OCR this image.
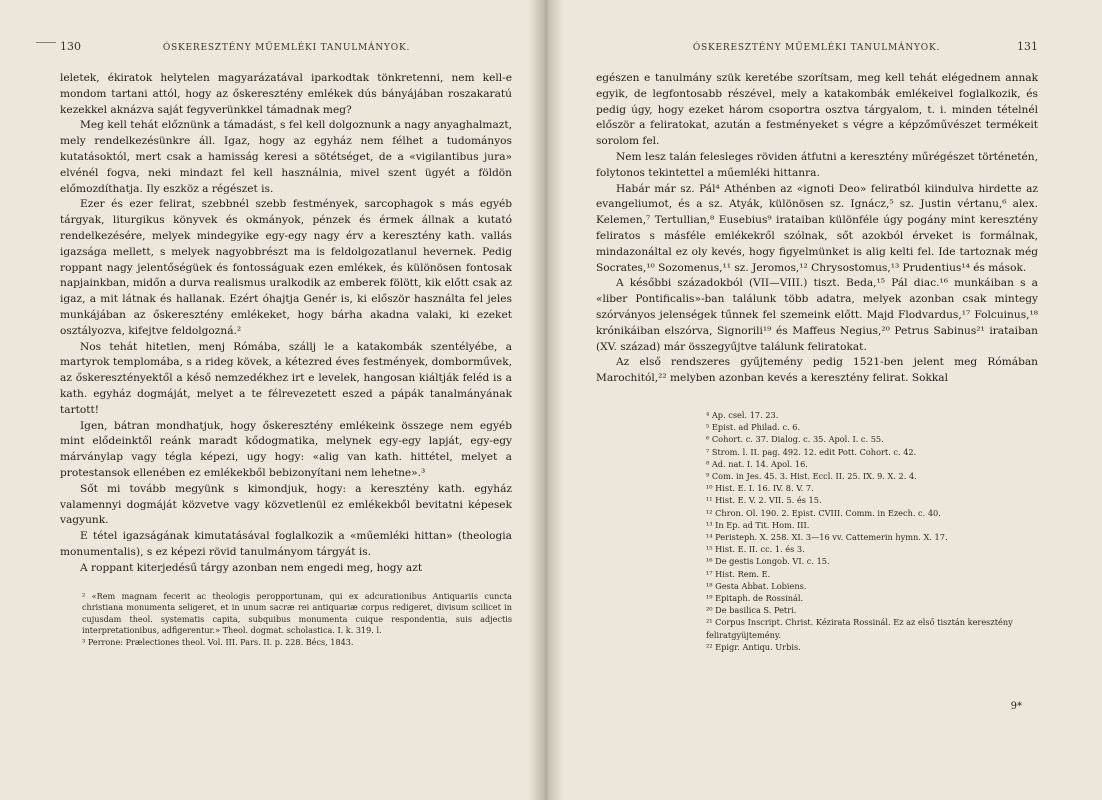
130	ÓSKERESZTÉNY MŰEMLÉKI TANULMÁNYOK.

leletek, ékiratok helytelen magyarázatával iparkodtak tönkretenni, nem kell-e mondom tartani attól, hogy az őskeresztény emlékek dús bányájában roszakaratú kezekkel aknázva saját fegyverünkkel támadnak meg?

Meg kell tehát előznünk a támadást, s fel kell dolgoznunk a nagy anyaghalmazt, mely rendelkezésünkre áll. Igaz, hogy az egyház nem félhet a tudományos kutatásoktól, mert csak a hamisság keresi a sötétséget, de a «vigilantibus jura» elvénél fogva, neki mindazt fel kell használnia, mivel szent ügyét a földön előmozdíthatja. Ily eszköz a régészet is.

Ezer és ezer felirat, szebbnél szebb festmények, sarcophagok s más egyéb tárgyak, liturgikus könyvek és okmányok, pénzek és érmek állnak a kutató rendelkezésére, melyek mindegyike egy-egy nagy érv a keresztény kath. vallás igazsága mellett, s melyek nagyobbrészt ma is feldolgozatlanul hevernek. Pedig roppant nagy jelentőségüek és fontosságuak ezen emlékek, és különösen fontosak napjainkban, midőn a durva realismus uralkodik az emberek fölött, kik előtt csak az igaz, a mit látnak és hallanak. Ezért óhajtja Genér is, ki először használta fel jeles munkájában az őskeresztény emlékeket, hogy bárha akadna valaki, ki ezeket osztályozva, kifejtve feldolgozná.²

Nos tehát hitetlen, menj Rómába, szállj le a katakombák szentélyébe, a martyrok templomába, s a rideg kövek, a kétezred éves festmények, domborművek, az őskeresztényektől a késő nemzedékhez irt e levelek, hangosan kiáltják feléd is a kath. egyház dogmáját, melyet a te félrevezetett eszed a pápák tanalmányának tartott!

Igen, bátran mondhatjuk, hogy őskeresztény emlékeink összege nem egyéb mint elődeinktől reánk maradt kődogmatika, melynek egy-egy lapját, egy-egy márványlap vagy tégla képezi, ugy hogy: «alig van kath. hittétel, melyet a protestansok ellenében ez emlékekből bebizonyítani nem lehetne».³

Sőt mi tovább megyünk s kimondjuk, hogy: a keresztény kath. egyház valamennyi dogmáját közvetve vagy közvetlenül ez emlékekből bevitatni képesek vagyunk.

E tétel igazságának kimutatásával foglalkozik a «műemléki hittan» (theologia monumentalis), s ez képezi rövid tanulmányom tárgyát is.

A roppant kiterjedésű tárgy azonban nem engedi meg, hogy azt

² «Rem magnam fecerit ac theologis peropportunam, qui ex adcurationibus Antiquariis cuncta christiana monumenta seligeret, et in unum sacræ rei antiquariæ corpus redigeret, divisum scilicet in cujusdam theol. systematis capita, subquibus monumenta cuique respondentia, suis adjectis interpretationibus, adfigerentur.» Theol. dogmat. scholastica. I. k. 319. l.

³ Perrone: Prælectiones theol. Vol. III. Pars. II. p. 228. Bécs, 1843.

ÓSKERESZTÉNY MŰEMLÉKI TANULMÁNYOK.	131

egészen e tanulmány szük keretébe szorítsam, meg kell tehát elégednem annak egyik, de legfontosabb részével, mely a katakombák emlékeivel foglalkozik, és pedig úgy, hogy ezeket három csoportra osztva tárgyalom, t. i. minden tételnél először a feliratokat, azután a festményeket s végre a képzőművészet termékeit sorolom fel.

Nem lesz talán felesleges röviden átfutni a keresztény műrégészet történetén, folytonos tekintettel a műemléki hittanra.

Habár már sz. Pál⁴ Athénben az «ignoti Deo» feliratból kiindulva hirdette az evangeliumot, és a sz. Atyák, különösen sz. Ignácz,⁵ sz. Justin vértanu,⁶ alex. Kelemen,⁷ Tertullian,⁸ Eusebius⁹ irataiban különféle úgy pogány mint keresztény feliratos s másféle emlékekről szólnak, sőt azokból érveket is formálnak, mindazonáltal ez oly kevés, hogy figyelmünket is alig kelti fel. Ide tartoznak még Socrates,¹⁰ Sozomenus,¹¹ sz. Jeromos,¹² Chrysostomus,¹³ Prudentius¹⁴ és mások.

A későbbi századokból (VII—VIII.) tiszt. Beda,¹⁵ Pál diac.¹⁶ munkáiban s a «liber Pontificalis»-ban találunk több adatra, melyek azonban csak mintegy szórványos jelenségek tűnnek fel szemeink előtt. Majd Flodvardus,¹⁷ Folcuinus,¹⁸ krónikáiban elszórva, Signorili¹⁹ és Maffeus Negius,²⁰ Petrus Sabinus²¹ irataiban (XV. század) már összegyűjtve találunk feliratokat.

Az első rendszeres gyűjtemény pedig 1521-ben jelent meg Rómában Marochitól,²² melyben azonban kevés a keresztény felirat. Sokkal

⁴ Ap. csel. 17. 23.

⁵ Epist. ad Philad. c. 6.

⁶ Cohort. c. 37. Dialog. c. 35. Apol. I. c. 55.

⁷ Strom. l. II. pag. 492. 12. edit Pott. Cohort. c. 42.

⁸ Ad. nat. I. 14. Apol. 16.

⁹ Com. in Jes. 45. 3. Hist. Eccl. II. 25. IX. 9. X. 2. 4.

¹⁰ Hist. E. I. 16. IV. 8. V. 7.

¹¹ Hist. E. V. 2. VII. 5. és 15.

¹² Chron. Ol. 190. 2. Epist. CVIII. Comm. in Ezech. c. 40.

¹³ In Ep. ad Tit. Hom. III.

¹⁴ Peristeph. X. 258. XI. 3—16 vv. Cattemerin hymn. X. 17.

¹⁵ Hist. E. II. cc. 1. és 3.

¹⁶ De gestis Longob. VI. c. 15.

¹⁷ Hist. Rem. E.

¹⁸ Gesta Abbat. Lobiens.

¹⁹ Epitaph. de Rossinál.

²⁰ De basilica S. Petri.

²¹ Corpus Inscript. Christ. Kézirata Rossinál. Ez az első tisztán keresztény feliratgyüjtemény.

²² Epigr. Antiqu. Urbis.

9*
